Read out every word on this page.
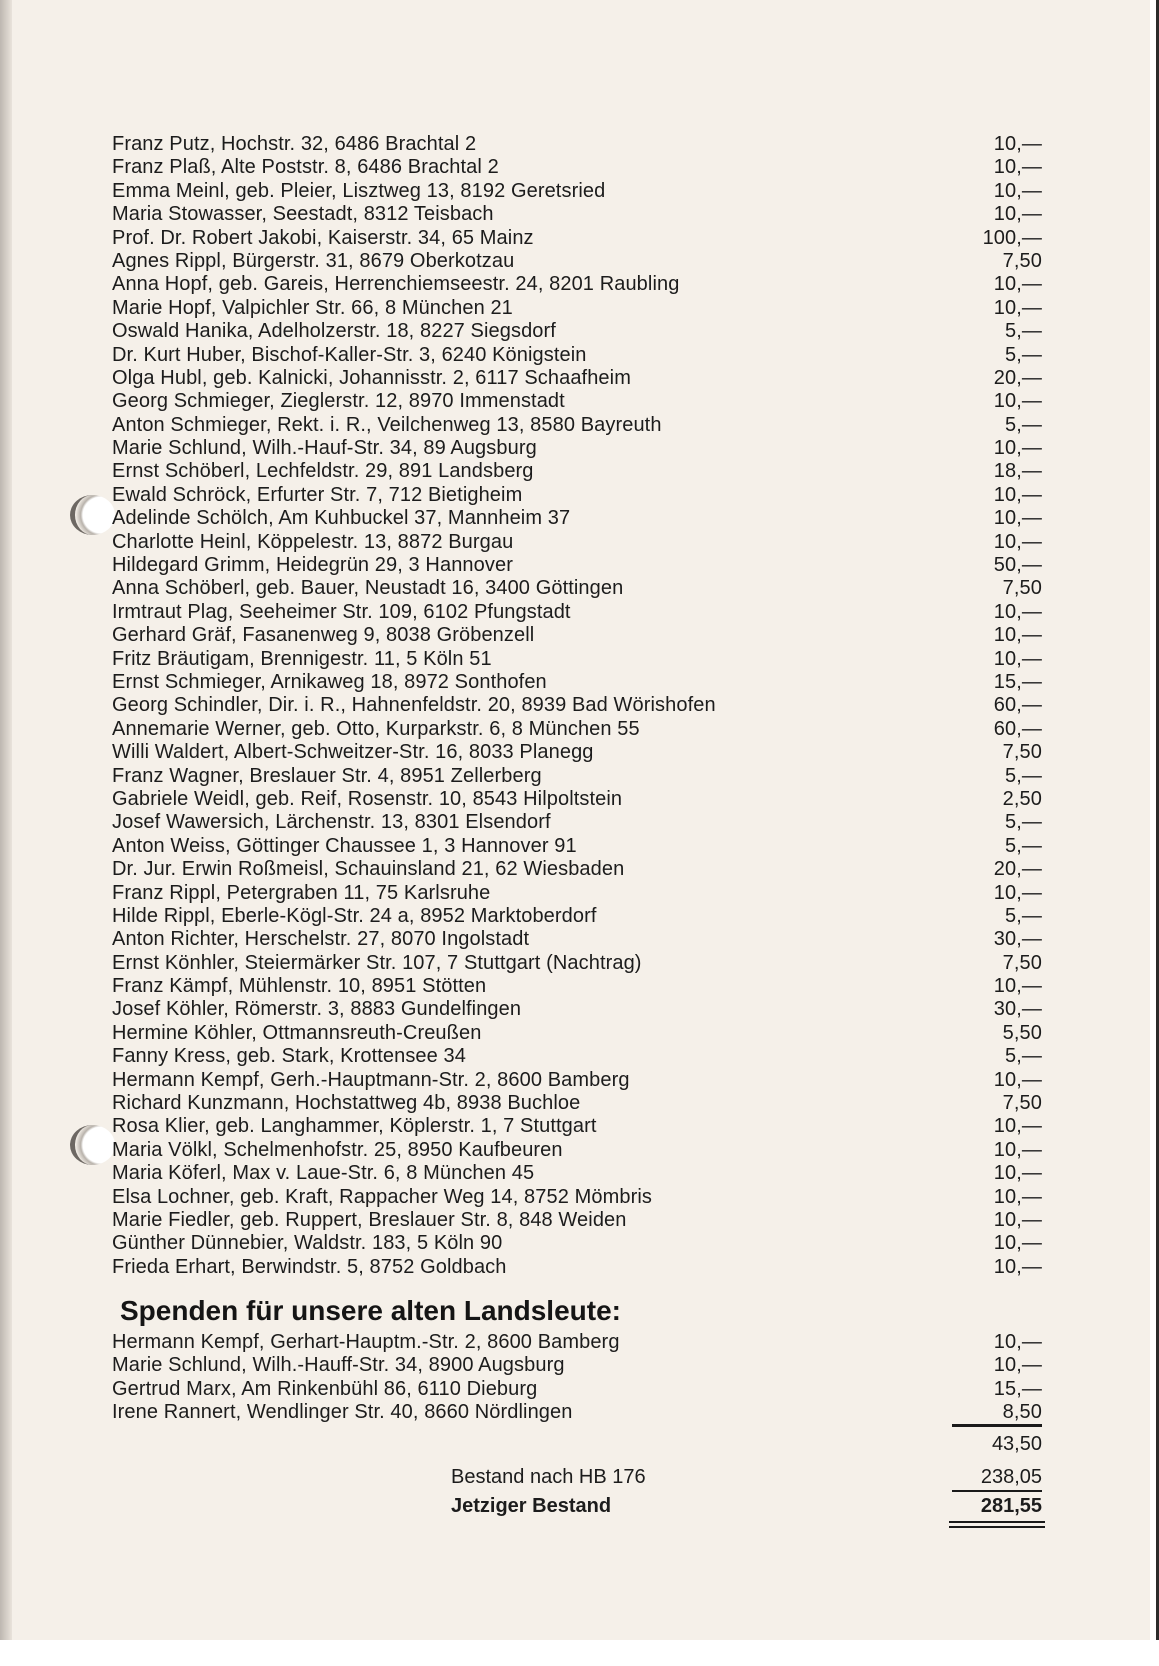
Franz Putz, Hochstr. 32, 6486 Brachtal 2	10,—
Franz Plaß, Alte Poststr. 8, 6486 Brachtal 2	10,—
Emma Meinl, geb. Pleier, Lisztweg 13, 8192 Geretsried	10,—
Maria Stowasser, Seestadt, 8312 Teisbach	10,—
Prof. Dr. Robert Jakobi, Kaiserstr. 34, 65 Mainz	100,—
Agnes Rippl, Bürgerstr. 31, 8679 Oberkotzau	7,50
Anna Hopf, geb. Gareis, Herrenchiemseestr. 24, 8201 Raubling	10,—
Marie Hopf, Valpichler Str. 66, 8 München 21	10,—
Oswald Hanika, Adelholzerstr. 18, 8227 Siegsdorf	5,—
Dr. Kurt Huber, Bischof-Kaller-Str. 3, 6240 Königstein	5,—
Olga Hubl, geb. Kalnicki, Johannisstr. 2, 6117 Schaafheim	20,—
Georg Schmieger, Zieglerstr. 12, 8970 Immenstadt	10,—
Anton Schmieger, Rekt. i. R., Veilchenweg 13, 8580 Bayreuth	5,—
Marie Schlund, Wilh.-Hauf-Str. 34, 89 Augsburg	10,—
Ernst Schöberl, Lechfeldstr. 29, 891 Landsberg	18,—
Ewald Schröck, Erfurter Str. 7, 712 Bietigheim	10,—
Adelinde Schölch, Am Kuhbuckel 37, Mannheim 37	10,—
Charlotte Heinl, Köppelestr. 13, 8872 Burgau	10,—
Hildegard Grimm, Heidegrün 29, 3 Hannover	50,—
Anna Schöberl, geb. Bauer, Neustadt 16, 3400 Göttingen	7,50
Irmtraut Plag, Seeheimer Str. 109, 6102 Pfungstadt	10,—
Gerhard Gräf, Fasanenweg 9, 8038 Gröbenzell	10,—
Fritz Bräutigam, Brennigestr. 11, 5 Köln 51	10,—
Ernst Schmieger, Arnikaweg 18, 8972 Sonthofen	15,—
Georg Schindler, Dir. i. R., Hahnenfeldstr. 20, 8939 Bad Wörishofen	60,—
Annemarie Werner, geb. Otto, Kurparkstr. 6, 8 München 55	60,—
Willi Waldert, Albert-Schweitzer-Str. 16, 8033 Planegg	7,50
Franz Wagner, Breslauer Str. 4, 8951 Zellerberg	5,—
Gabriele Weidl, geb. Reif, Rosenstr. 10, 8543 Hilpoltstein	2,50
Josef Wawersich, Lärchenstr. 13, 8301 Elsendorf	5,—
Anton Weiss, Göttinger Chaussee 1, 3 Hannover 91	5,—
Dr. Jur. Erwin Roßmeisl, Schauinsland 21, 62 Wiesbaden	20,—
Franz Rippl, Petergraben 11, 75 Karlsruhe	10,—
Hilde Rippl, Eberle-Kögl-Str. 24 a, 8952 Marktoberdorf	5,—
Anton Richter, Herschelstr. 27, 8070 Ingolstadt	30,—
Ernst Könhler, Steiermärker Str. 107, 7 Stuttgart (Nachtrag)	7,50
Franz Kämpf, Mühlenstr. 10, 8951 Stötten	10,—
Josef Köhler, Römerstr. 3, 8883 Gundelfingen	30,—
Hermine Köhler, Ottmannsreuth-Creußen	5,50
Fanny Kress, geb. Stark, Krottensee 34	5,—
Hermann Kempf, Gerh.-Hauptmann-Str. 2, 8600 Bamberg	10,—
Richard Kunzmann, Hochstattweg 4b, 8938 Buchloe	7,50
Rosa Klier, geb. Langhammer, Köplerstr. 1, 7 Stuttgart	10,—
Maria Völkl, Schelmenhofstr. 25, 8950 Kaufbeuren	10,—
Maria Köferl, Max v. Laue-Str. 6, 8 München 45	10,—
Elsa Lochner, geb. Kraft, Rappacher Weg 14, 8752 Mömbris	10,—
Marie Fiedler, geb. Ruppert, Breslauer Str. 8, 848 Weiden	10,—
Günther Dünnebier, Waldstr. 183, 5 Köln 90	10,—
Frieda Erhart, Berwindstr. 5, 8752 Goldbach	10,—
Spenden für unsere alten Landsleute:
Hermann Kempf, Gerhart-Hauptm.-Str. 2, 8600 Bamberg	10,—
Marie Schlund, Wilh.-Hauff-Str. 34, 8900 Augsburg	10,—
Gertrud Marx, Am Rinkenbühl 86, 6110 Dieburg	15,—
Irene Rannert, Wendlinger Str. 40, 8660 Nördlingen	8,50
43,50
Bestand nach HB 176	238,05
Jetziger Bestand	281,55
